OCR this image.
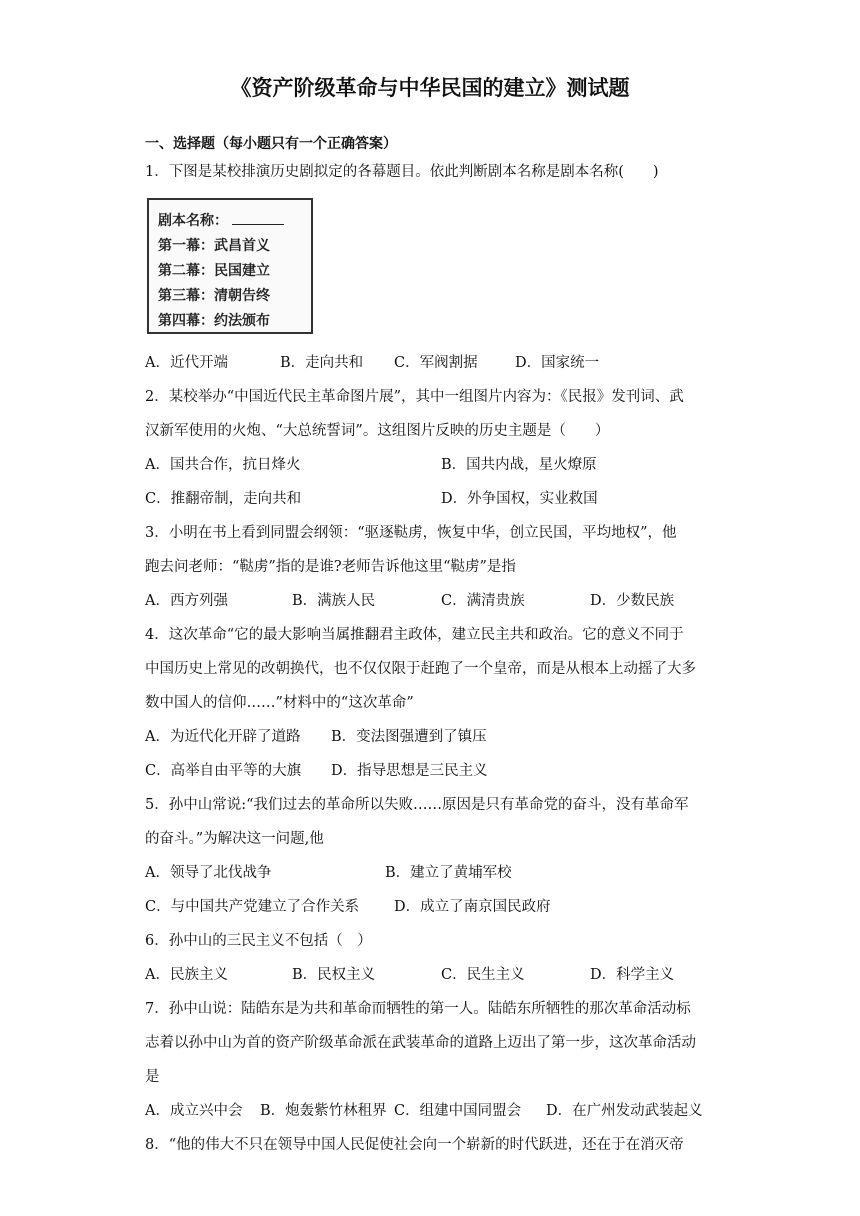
《资产阶级革命与中华民国的建立》测试题
一、选择题（每小题只有一个正确答案）
1．下图是某校排演历史剧拟定的各幕题目。依此判断剧本名称是剧本名称(　　)
剧本名称：
第一幕：武昌首义
第二幕：民国建立
第三幕：清朝告终
第四幕：约法颁布
A．近代开端	B．走向共和 C．军阀割据	D．国家统一
2．某校举办“中国近代民主革命图片展”，其中一组图片内容为：《民报》发刊词、武
汉新军使用的火炮、“大总统誓词”。这组图片反映的历史主题是（　　）
A．国共合作，抗日烽火	B．国共内战，星火燎原
C．推翻帝制，走向共和	D．外争国权，实业救国
3．小明在书上看到同盟会纲领：“驱逐鞑虏，恢复中华，创立民国，平均地权”，他
跑去问老师：“鞑虏”指的是谁?老师告诉他这里“鞑虏”是指
A．西方列强	B．满族人民	C．满清贵族	D．少数民族
4．这次革命“它的最大影响当属推翻君主政体，建立民主共和政治。它的意义不同于
中国历史上常见的改朝换代，也不仅仅限于赶跑了一个皇帝，而是从根本上动摇了大多
数中国人的信仰……”材料中的“这次革命”
A．为近代化开辟了道路 B．变法图强遭到了镇压
C．高举自由平等的大旗 D．指导思想是三民主义
5．孙中山常说:“我们过去的革命所以失败……原因是只有革命党的奋斗，没有革命军
的奋斗。”为解决这一问题,他
A．领导了北伐战争	B．建立了黄埔军校
C．与中国共产党建立了合作关系 D．成立了南京国民政府
6．孙中山的三民主义不包括（　）
A．民族主义	B．民权主义	C．民生主义	D．科学主义
7．孙中山说：陆皓东是为共和革命而牺牲的第一人。陆皓东所牺牲的那次革命活动标
志着以孙中山为首的资产阶级革命派在武装革命的道路上迈出了第一步，这次革命活动
是
A．成立兴中会 B．炮轰紫竹林租界 C．组建中国同盟会 D．在广州发动武装起义
8．“他的伟大不只在领导中国人民促使社会向一个崭新的时代跃进，还在于在消灭帝
